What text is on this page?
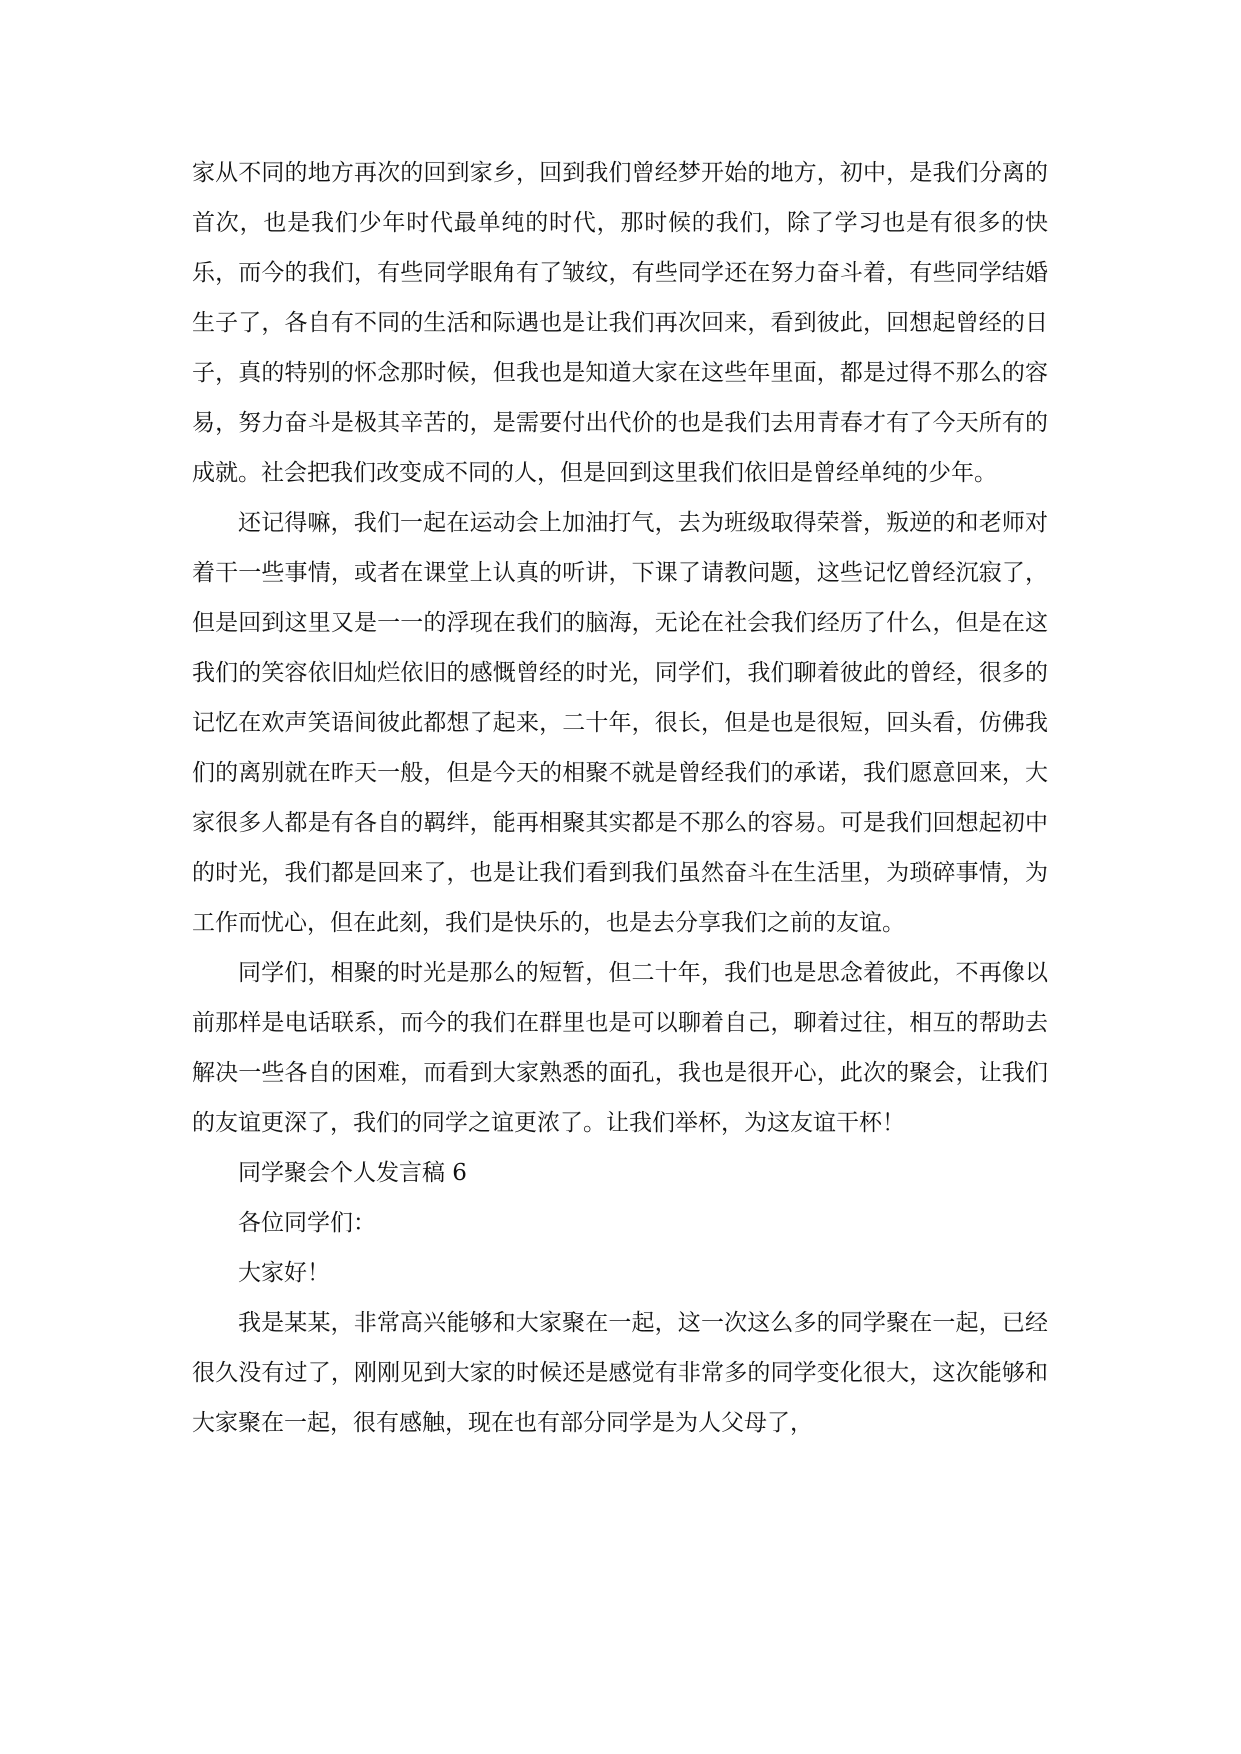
家从不同的地方再次的回到家乡，回到我们曾经梦开始的地方，初中，是我们分离的首次，也是我们少年时代最单纯的时代，那时候的我们，除了学习也是有很多的快乐，而今的我们，有些同学眼角有了皱纹，有些同学还在努力奋斗着，有些同学结婚生子了，各自有不同的生活和际遇也是让我们再次回来，看到彼此，回想起曾经的日子，真的特别的怀念那时候，但我也是知道大家在这些年里面，都是过得不那么的容易，努力奋斗是极其辛苦的，是需要付出代价的也是我们去用青春才有了今天所有的成就。社会把我们改变成不同的人，但是回到这里我们依旧是曾经单纯的少年。

还记得嘛，我们一起在运动会上加油打气，去为班级取得荣誉，叛逆的和老师对着干一些事情，或者在课堂上认真的听讲，下课了请教问题，这些记忆曾经沉寂了，但是回到这里又是一一的浮现在我们的脑海，无论在社会我们经历了什么，但是在这我们的笑容依旧灿烂依旧的感慨曾经的时光，同学们，我们聊着彼此的曾经，很多的记忆在欢声笑语间彼此都想了起来，二十年，很长，但是也是很短，回头看，仿佛我们的离别就在昨天一般，但是今天的相聚不就是曾经我们的承诺，我们愿意回来，大家很多人都是有各自的羁绊，能再相聚其实都是不那么的容易。可是我们回想起初中的时光，我们都是回来了，也是让我们看到我们虽然奋斗在生活里，为琐碎事情，为工作而忧心，但在此刻，我们是快乐的，也是去分享我们之前的友谊。

同学们，相聚的时光是那么的短暂，但二十年，我们也是思念着彼此，不再像以前那样是电话联系，而今的我们在群里也是可以聊着自己，聊着过往，相互的帮助去解决一些各自的困难，而看到大家熟悉的面孔，我也是很开心，此次的聚会，让我们的友谊更深了，我们的同学之谊更浓了。让我们举杯，为这友谊干杯！

同学聚会个人发言稿 6

各位同学们：

大家好！

我是某某，非常高兴能够和大家聚在一起，这一次这么多的同学聚在一起，已经很久没有过了，刚刚见到大家的时候还是感觉有非常多的同学变化很大，这次能够和大家聚在一起，很有感触，现在也有部分同学是为人父母了，
